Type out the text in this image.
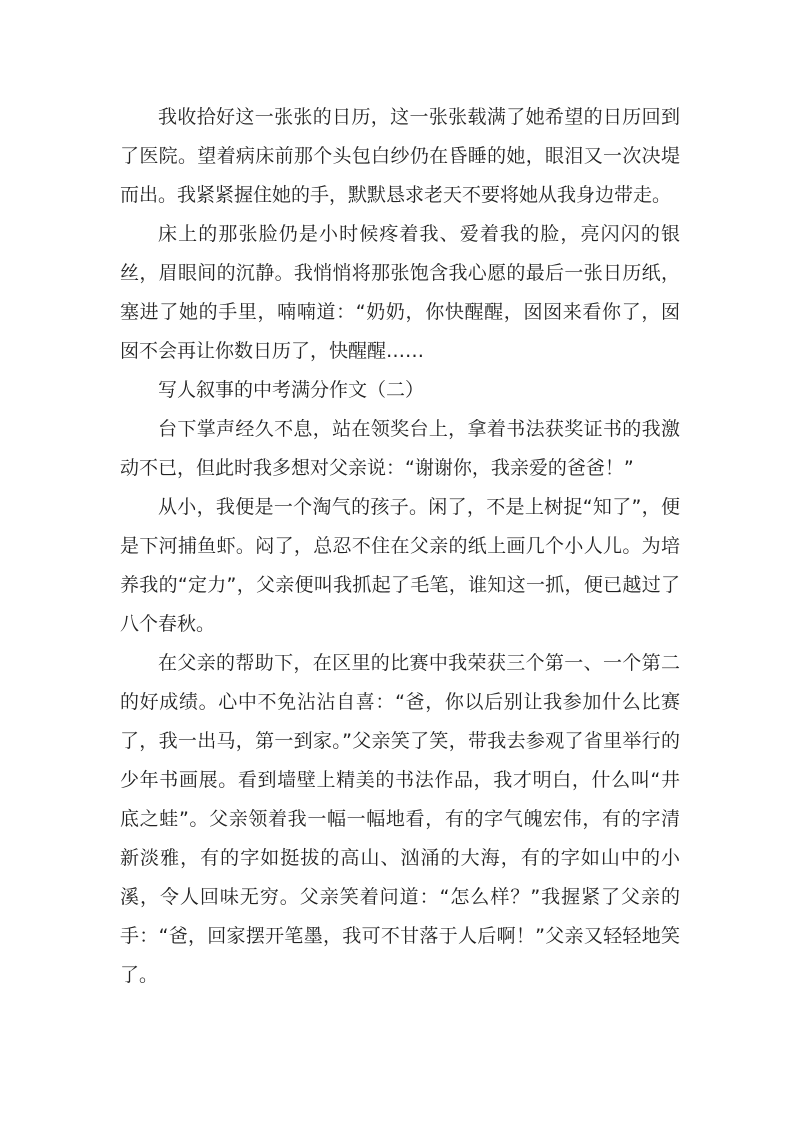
我收拾好这一张张的日历，这一张张载满了她希望的日历回到了医院。望着病床前那个头包白纱仍在昏睡的她，眼泪又一次决堤而出。我紧紧握住她的手，默默恳求老天不要将她从我身边带走。

床上的那张脸仍是小时候疼着我、爱着我的脸，亮闪闪的银丝，眉眼间的沉静。我悄悄将那张饱含我心愿的最后一张日历纸，塞进了她的手里，喃喃道：“奶奶，你快醒醒，囡囡来看你了，囡囡不会再让你数日历了，快醒醒……

写人叙事的中考满分作文（二）

台下掌声经久不息，站在领奖台上，拿着书法获奖证书的我激动不已，但此时我多想对父亲说：“谢谢你，我亲爱的爸爸！”

从小，我便是一个淘气的孩子。闲了，不是上树捉“知了”，便是下河捕鱼虾。闷了，总忍不住在父亲的纸上画几个小人儿。为培养我的“定力”，父亲便叫我抓起了毛笔，谁知这一抓，便已越过了八个春秋。

在父亲的帮助下，在区里的比赛中我荣获三个第一、一个第二的好成绩。心中不免沾沾自喜：“爸，你以后别让我参加什么比赛了，我一出马，第一到家。”父亲笑了笑，带我去参观了省里举行的少年书画展。看到墙壁上精美的书法作品，我才明白，什么叫“井底之蛙”。父亲领着我一幅一幅地看，有的字气魄宏伟，有的字清新淡雅，有的字如挺拔的高山、汹涌的大海，有的字如山中的小溪，令人回味无穷。父亲笑着问道：“怎么样？”我握紧了父亲的手：“爸，回家摆开笔墨，我可不甘落于人后啊！”父亲又轻轻地笑了。
